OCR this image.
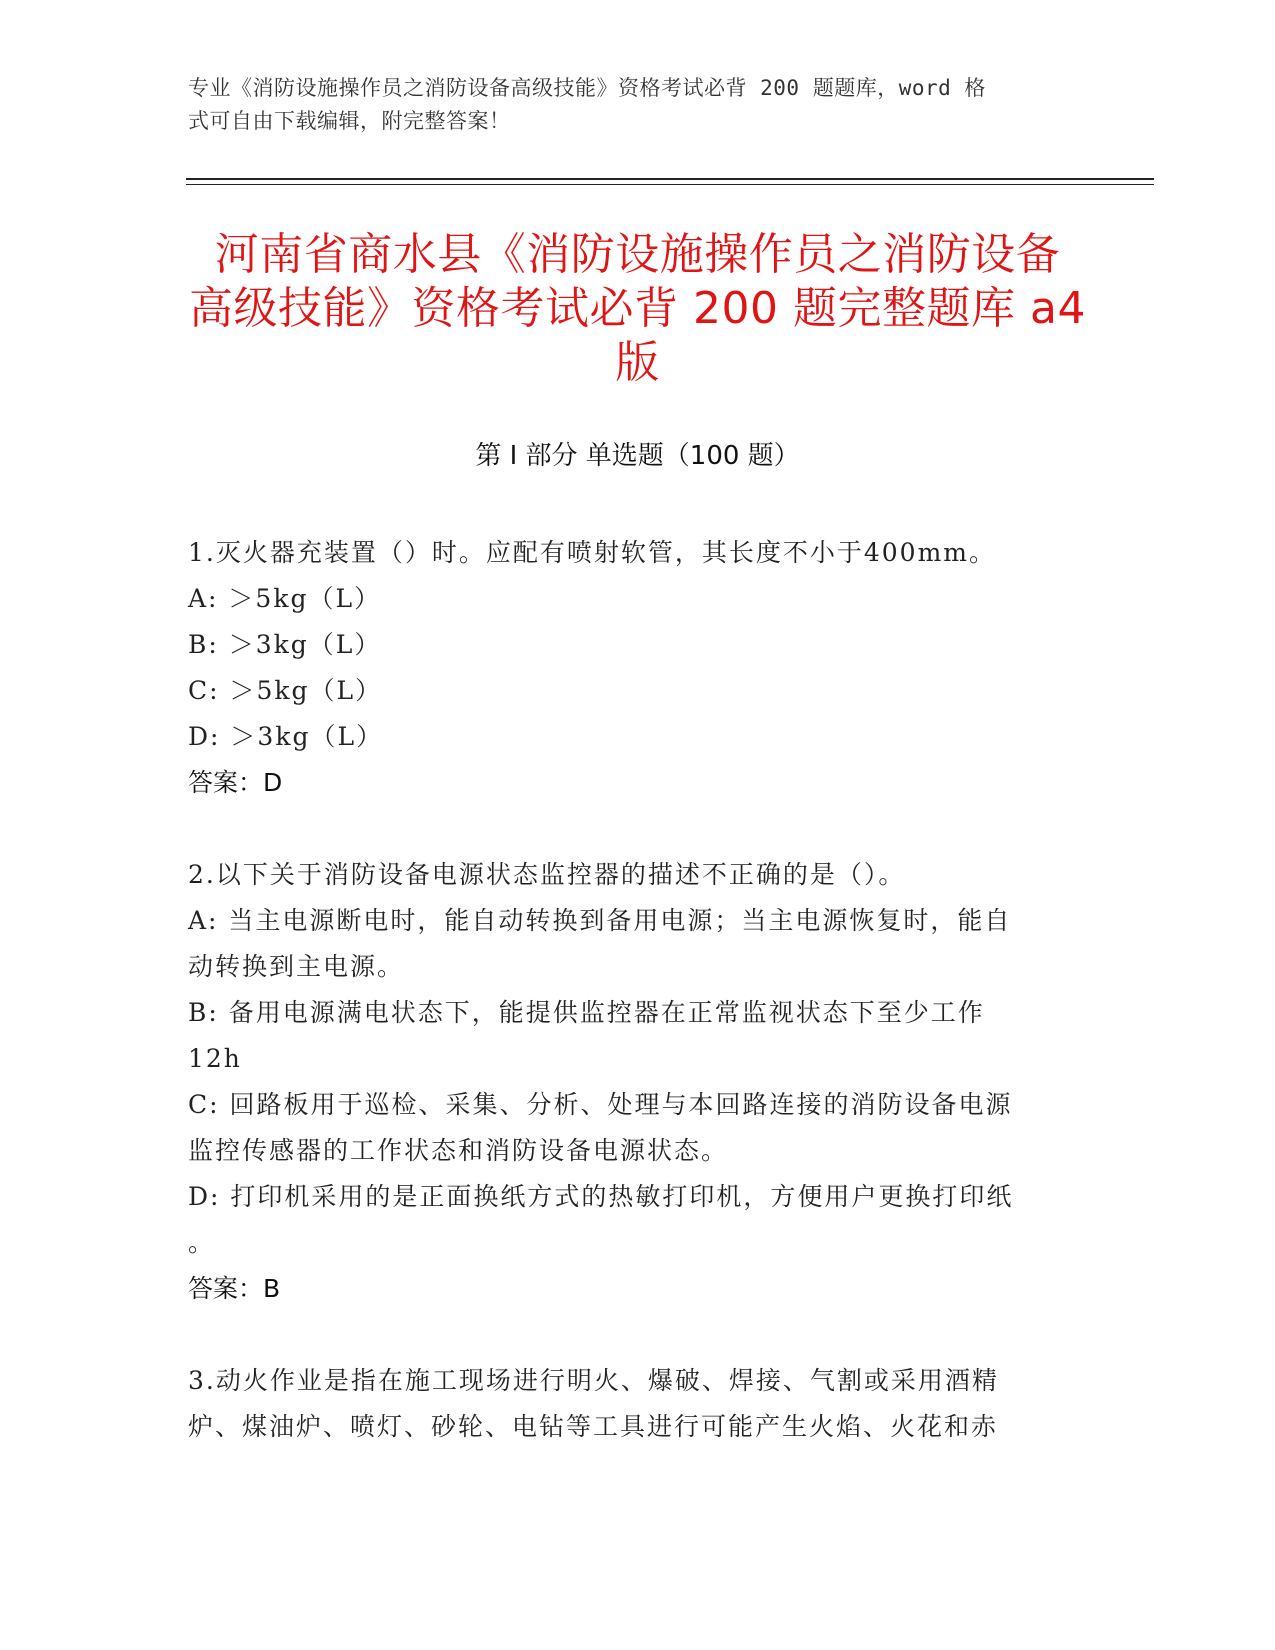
专业《消防设施操作员之消防设备高级技能》资格考试必背 200 题题库，word 格
式可自由下载编辑，附完整答案！
河南省商水县《消防设施操作员之消防设备
高级技能》资格考试必背 200 题完整题库 a4
版
第 I 部分 单选题（100 题）
1.灭火器充装置（）时。应配有喷射软管，其长度不小于400mm。
A: ＞5kg（L）
B: ＞3kg（L）
C: ＞5kg（L）
D: ＞3kg（L）
答案：D
2.以下关于消防设备电源状态监控器的描述不正确的是（）。
A: 当主电源断电时，能自动转换到备用电源；当主电源恢复时，能自
动转换到主电源。
B: 备用电源满电状态下，能提供监控器在正常监视状态下至少工作
12h
C: 回路板用于巡检、采集、分析、处理与本回路连接的消防设备电源
监控传感器的工作状态和消防设备电源状态。
D: 打印机采用的是正面换纸方式的热敏打印机，方便用户更换打印纸
。
答案：B
3.动火作业是指在施工现场进行明火、爆破、焊接、气割或采用酒精
炉、煤油炉、喷灯、砂轮、电钻等工具进行可能产生火焰、火花和赤
